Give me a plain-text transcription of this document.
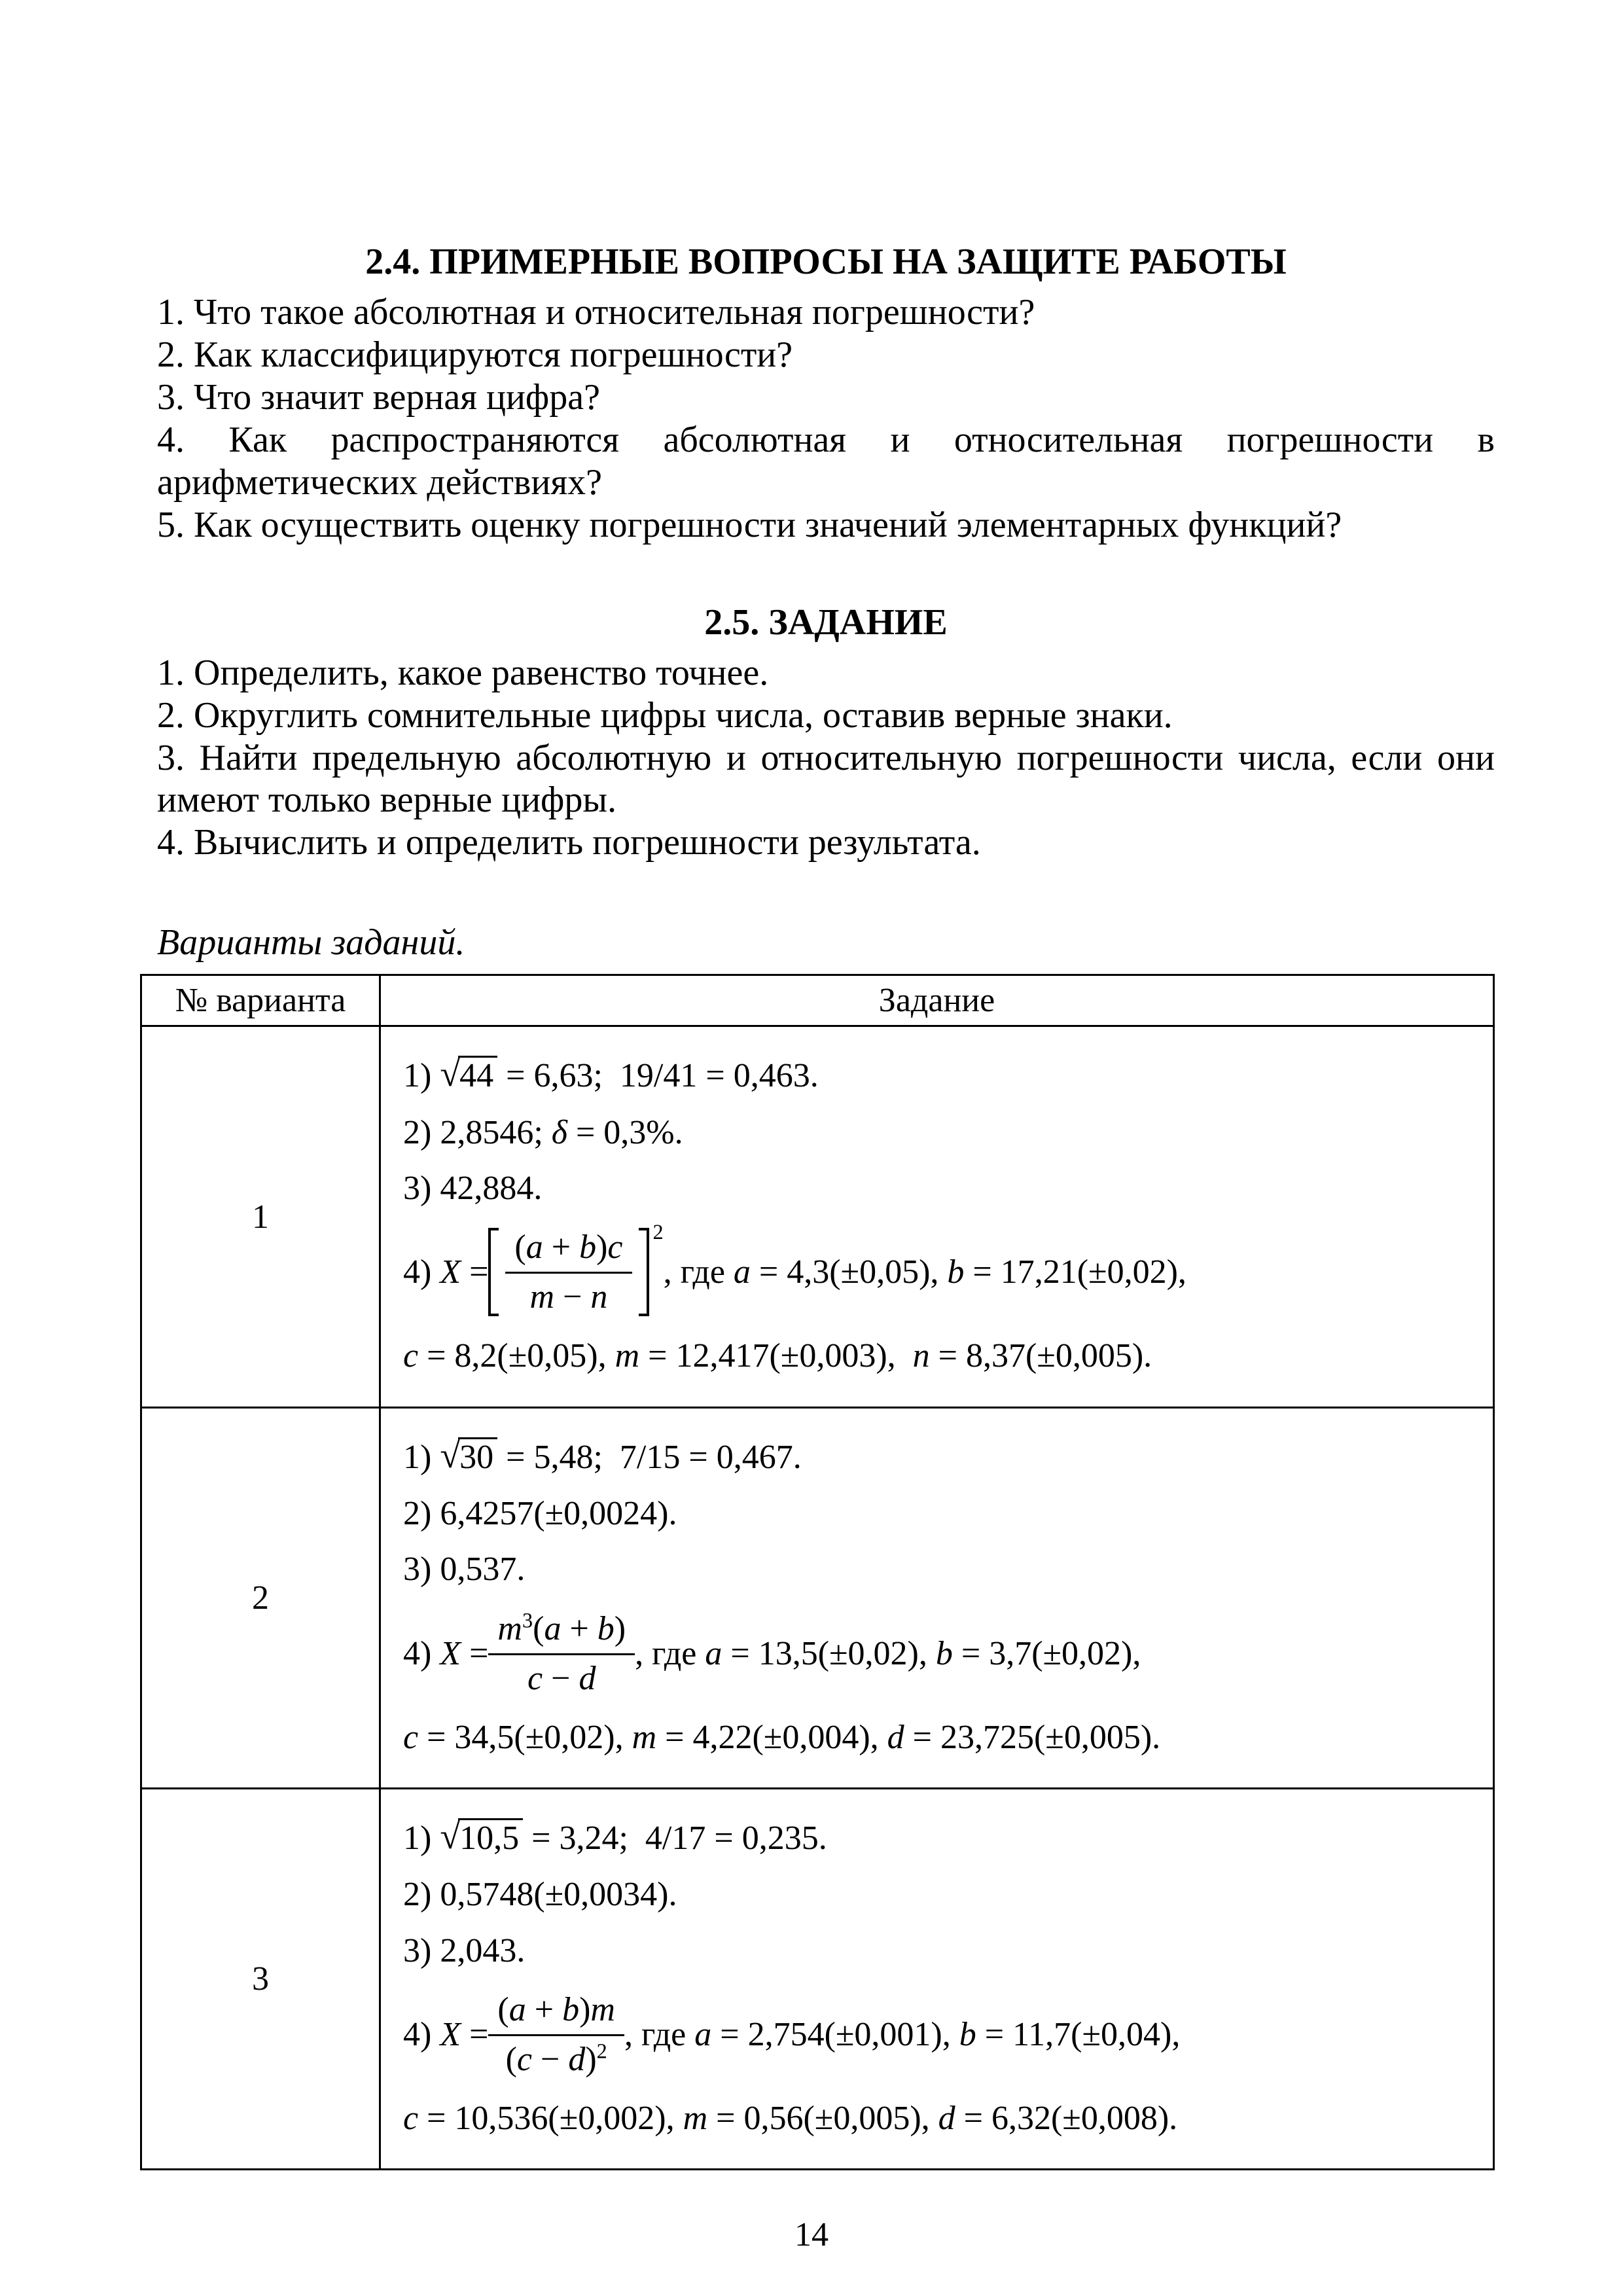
2.4. ПРИМЕРНЫЕ ВОПРОСЫ НА ЗАЩИТЕ РАБОТЫ

1. Что такое абсолютная и относительная погрешности?

2. Как классифицируются погрешности?

3. Что значит верная цифра?

4. Как распространяются абсолютная и относительная погрешности в арифметических действиях?

5. Как осуществить оценку погрешности значений элементарных функций?

2.5. ЗАДАНИЕ

1. Определить, какое равенство точнее.

2. Округлить сомнительные цифры числа, оставив верные знаки.

3. Найти предельную абсолютную и относительную погрешности числа, если они имеют только верные цифры.

4. Вычислить и определить погрешности результата.

Варианты заданий.

№ варианта	Задание
1	
1) √44 = 6,63;  19/41 = 0,463.
2) 2,8546; δ = 0,3%.
3) 42,884.
4) $X = \frac{(a + b)c}{m - n} 2$
, где a = 4,3(±0,05), b = 17,21(±0,02),
c = 8,2(±0,05), m = 12,417(±0,003),  n = 8,37(±0,005).

2	
1) √30 = 5,48;  7/15 = 0,467.
2) 6,4257(±0,0024).
3) 0,537.
4) $X = \frac{m^3(a + b)}{c - d}$ , где a = 13,5(±0,02), b = 3,7(±0,02),
c = 34,5(±0,02), m = 4,22(±0,004), d = 23,725(±0,005).

3	
1) √10,5 = 3,24;  4/17 = 0,235.
2) 0,5748(±0,0034).
3) 2,043.
4) $X = \frac{(a + b)m}{(c - d)^2}$ , где a = 2,754(±0,001), b = 11,7(±0,04),
c = 10,536(±0,002), m = 0,56(±0,005), d = 6,32(±0,008).
14
